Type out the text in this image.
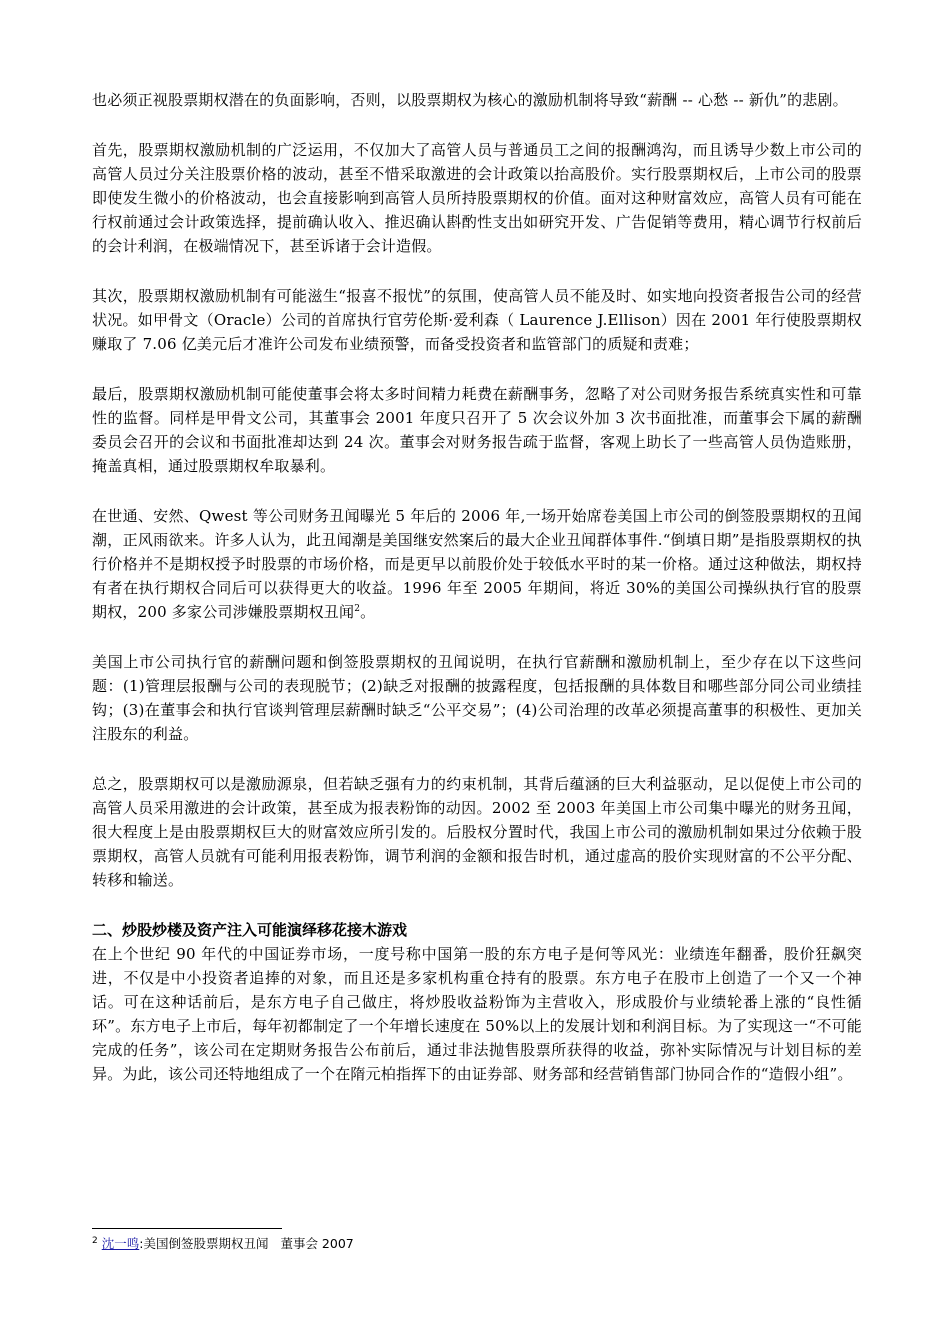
也必须正视股票期权潜在的负面影响，否则，以股票期权为核心的激励机制将导致“薪酬 -- 心愁 -- 新仇”的悲剧。

首先，股票期权激励机制的广泛运用，不仅加大了高管人员与普通员工之间的报酬鸿沟，而且诱导少数上市公司的高管人员过分关注股票价格的波动，甚至不惜采取激进的会计政策以抬高股价。实行股票期权后，上市公司的股票即使发生微小的价格波动，也会直接影响到高管人员所持股票期权的价值。面对这种财富效应，高管人员有可能在行权前通过会计政策选择，提前确认收入、推迟确认斟酌性支出如研究开发、广告促销等费用，精心调节行权前后的会计利润，在极端情况下，甚至诉诸于会计造假。

其次，股票期权激励机制有可能滋生“报喜不报忧”的氛围，使高管人员不能及时、如实地向投资者报告公司的经营状况。如甲骨文（Oracle）公司的首席执行官劳伦斯·爱利森（ Laurence J.Ellison）因在 2001 年行使股票期权赚取了 7.06 亿美元后才准许公司发布业绩预警，而备受投资者和监管部门的质疑和责难；

最后，股票期权激励机制可能使董事会将太多时间精力耗费在薪酬事务，忽略了对公司财务报告系统真实性和可靠性的监督。同样是甲骨文公司，其董事会 2001 年度只召开了 5 次会议外加 3 次书面批准，而董事会下属的薪酬委员会召开的会议和书面批准却达到 24 次。董事会对财务报告疏于监督，客观上助长了一些高管人员伪造账册，掩盖真相，通过股票期权牟取暴利。

在世通、安然、Qwest 等公司财务丑闻曝光 5 年后的 2006 年,一场开始席卷美国上市公司的倒签股票期权的丑闻潮，正风雨欲来。许多人认为，此丑闻潮是美国继安然案后的最大企业丑闻群体事件.“倒填日期”是指股票期权的执行价格并不是期权授予时股票的市场价格，而是更早以前股价处于较低水平时的某一价格。通过这种做法，期权持有者在执行期权合同后可以获得更大的收益。1996 年至 2005 年期间，将近 30%的美国公司操纵执行官的股票期权，200 多家公司涉嫌股票期权丑闻$^2$。

美国上市公司执行官的薪酬问题和倒签股票期权的丑闻说明，在执行官薪酬和激励机制上，至少存在以下这些问题：(1)管理层报酬与公司的表现脱节；(2)缺乏对报酬的披露程度，包括报酬的具体数目和哪些部分同公司业绩挂钩；(3)在董事会和执行官谈判管理层薪酬时缺乏“公平交易”；(4)公司治理的改革必须提高董事的积极性、更加关注股东的利益。

总之，股票期权可以是激励源泉，但若缺乏强有力的约束机制，其背后蕴涵的巨大利益驱动，足以促使上市公司的高管人员采用激进的会计政策，甚至成为报表粉饰的动因。2002 至 2003 年美国上市公司集中曝光的财务丑闻，很大程度上是由股票期权巨大的财富效应所引发的。后股权分置时代，我国上市公司的激励机制如果过分依赖于股票期权，高管人员就有可能利用报表粉饰，调节利润的金额和报告时机，通过虚高的股价实现财富的不公平分配、转移和输送。

二、炒股炒楼及资产注入可能演绎移花接木游戏

在上个世纪 90 年代的中国证券市场，一度号称中国第一股的东方电子是何等风光：业绩连年翻番，股价狂飙突进，不仅是中小投资者追捧的对象，而且还是多家机构重仓持有的股票。东方电子在股市上创造了一个又一个神话。可在这种话前后，是东方电子自己做庄，将炒股收益粉饰为主营收入，形成股价与业绩轮番上涨的“良性循环”。东方电子上市后，每年初都制定了一个年增长速度在 50%以上的发展计划和利润目标。为了实现这一“不可能完成的任务”，该公司在定期财务报告公布前后，通过非法抛售股票所获得的收益，弥补实际情况与计划目标的差异。为此，该公司还特地组成了一个在隋元柏指挥下的由证券部、财务部和经营销售部门协同合作的“造假小组”。

$^2$ 沈一鸣:美国倒签股票期权丑闻 董事会 2007
